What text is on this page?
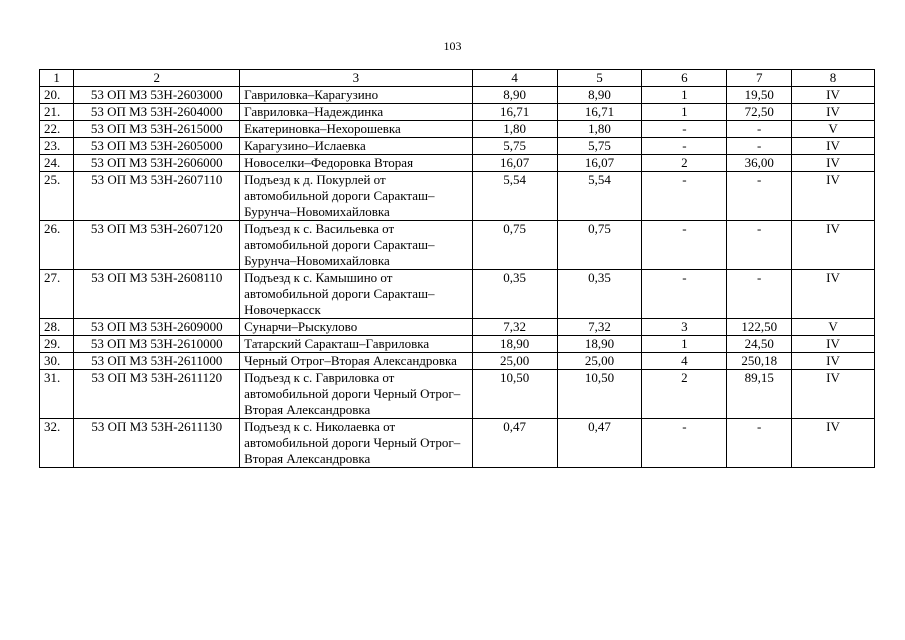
103
1	2	3	4	5	6	7	8
20.	53 ОП МЗ 53Н-2603000	Гавриловка–Карагузино	8,90	8,90	1	19,50	IV
21.	53 ОП МЗ 53Н-2604000	Гавриловка–Надеждинка	16,71	16,71	1	72,50	IV
22.	53 ОП МЗ 53Н-2615000	Екатериновка–Нехорошевка	1,80	1,80	-	-	V
23.	53 ОП МЗ 53Н-2605000	Карагузино–Ислаевка	5,75	5,75	-	-	IV
24.	53 ОП МЗ 53Н-2606000	Новоселки–Федоровка Вторая	16,07	16,07	2	36,00	IV
25.	53 ОП МЗ 53Н-2607110	Подъезд к д. Покурлей от автомобильной дороги Саракташ–Бурунча–Новомихайловка	5,54	5,54	-	-	IV
26.	53 ОП МЗ 53Н-2607120	Подъезд к с. Васильевка от автомобильной дороги Саракташ–Бурунча–Новомихайловка	0,75	0,75	-	-	IV
27.	53 ОП МЗ 53Н-2608110	Подъезд к с. Камышино от автомобильной дороги Саракташ–Новочеркасск	0,35	0,35	-	-	IV
28.	53 ОП МЗ 53Н-2609000	Сунарчи–Рыскулово	7,32	7,32	3	122,50	V
29.	53 ОП МЗ 53Н-2610000	Татарский Саракташ–Гавриловка	18,90	18,90	1	24,50	IV
30.	53 ОП МЗ 53Н-2611000	Черный Отрог–Вторая Александровка	25,00	25,00	4	250,18	IV
31.	53 ОП МЗ 53Н-2611120	Подъезд к с. Гавриловка от автомобильной дороги Черный Отрог–Вторая Александровка	10,50	10,50	2	89,15	IV
32.	53 ОП МЗ 53Н-2611130	Подъезд к с. Николаевка от автомобильной дороги Черный Отрог–Вторая Александровка	0,47	0,47	-	-	IV
